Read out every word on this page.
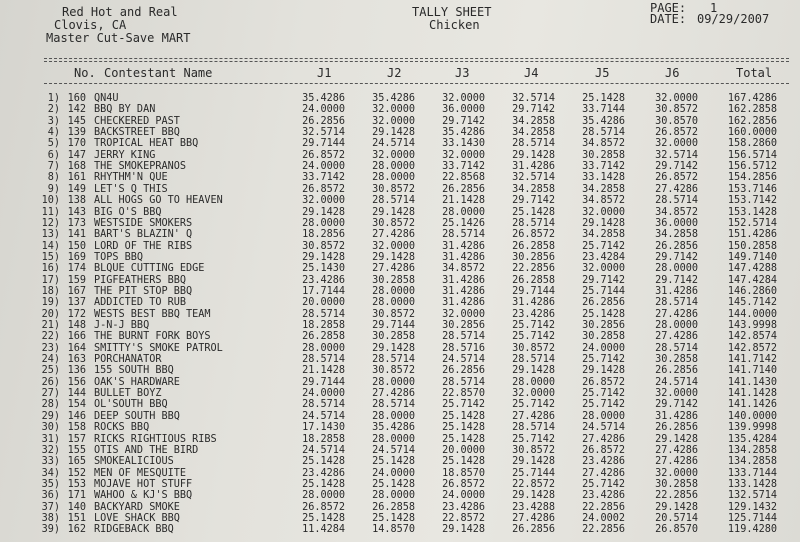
Red Hot and Real
Clovis, CA
Master Cut-Save MART
TALLY SHEET
Chicken
PAGE: 1
DATE: 09/29/2007
No. Contestant Name	J1	J2	J3	J4	J5	J6	Total
1) 160 QN4U	35.4286	35.4286	32.0000	32.5714	25.1428	32.0000	167.4286
2) 142 BBQ BY DAN	24.0000	32.0000	36.0000	29.7142	33.7144	30.8572	162.2858
3) 145 CHECKERED PAST	26.2856	32.0000	29.7142	34.2858	35.4286	30.8570	162.2856
4) 139 BACKSTREET BBQ	32.5714	29.1428	35.4286	34.2858	28.5714	26.8572	160.0000
5) 170 TROPICAL HEAT BBQ	29.7144	24.5714	33.1430	28.5714	34.8572	32.0000	158.2860
6) 147 JERRY KING	26.8572	32.0000	32.0000	29.1428	30.2858	32.5714	156.5714
7) 168 THE SMOKEPRANOS	24.0000	28.0000	33.7142	31.4286	33.7142	29.7142	156.5712
8) 161 RHYTHM'N QUE	33.7142	28.0000	22.8568	32.5714	33.1428	26.8572	154.2856
9) 149 LET'S Q THIS	26.8572	30.8572	26.2856	34.2858	34.2858	27.4286	153.7146
10) 138 ALL HOGS GO TO HEAVEN	32.0000	28.5714	21.1428	29.7142	34.8572	28.5714	153.7142
11) 143 BIG O'S BBQ	29.1428	29.1428	28.0000	25.1428	32.0000	34.8572	153.1428
12) 173 WESTSIDE SMOKERS	28.0000	30.8572	25.1426	28.5714	29.1428	36.0000	152.5714
13) 141 BART'S BLAZIN' Q	18.2856	27.4286	28.5714	26.8572	34.2858	34.2858	151.4286
14) 150 LORD OF THE RIBS	30.8572	32.0000	31.4286	26.2858	25.7142	26.2856	150.2858
15) 169 TOPS BBQ	29.1428	29.1428	31.4286	30.2856	23.4284	29.7142	149.7140
16) 174 BLQUE CUTTING EDGE	25.1430	27.4286	34.8572	22.2856	32.0000	28.0000	147.4288
17) 159 PIGFEATHERS BBQ	23.4286	30.2858	31.4286	26.2858	29.7142	29.7142	147.4284
18) 167 THE PIT STOP BBQ	17.7144	28.0000	31.4286	29.7144	25.7144	31.4286	146.2860
19) 137 ADDICTED TO RUB	20.0000	28.0000	31.4286	31.4286	26.2856	28.5714	145.7142
20) 172 WESTS BEST BBQ TEAM	28.5714	30.8572	32.0000	23.4286	25.1428	27.4286	144.0000
21) 148 J-N-J BBQ	18.2858	29.7144	30.2856	25.7142	30.2856	28.0000	143.9998
22) 166 THE BURNT FORK BOYS	26.2858	30.2858	28.5714	25.7142	30.2858	27.4286	142.8574
23) 164 SMITTY'S SMOKE PATROL	28.0000	29.1428	28.5716	30.8572	24.0000	28.5714	142.8572
24) 163 PORCHANATOR	28.5714	28.5714	24.5714	28.5714	25.7142	30.2858	141.7142
25) 136 155 SOUTH BBQ	21.1428	30.8572	26.2856	29.1428	29.1428	26.2856	141.7140
26) 156 OAK'S HARDWARE	29.7144	28.0000	28.5714	28.0000	26.8572	24.5714	141.1430
27) 144 BULLET BOYZ	24.0000	27.4286	22.8570	32.0000	25.7142	32.0000	141.1428
28) 154 OL'SOUTH BBQ	28.5714	28.5714	25.7142	25.7142	25.7142	29.7142	141.1426
29) 146 DEEP SOUTH BBQ	24.5714	28.0000	25.1428	27.4286	28.0000	31.4286	140.0000
30) 158 ROCKS BBQ	17.1430	35.4286	25.1428	28.5714	24.5714	26.2856	139.9998
31) 157 RICKS RIGHTIOUS RIBS	18.2858	28.0000	25.1428	25.7142	27.4286	29.1428	135.4284
32) 155 OTIS AND THE BIRD	24.5714	24.5714	20.0000	30.8572	26.8572	27.4286	134.2858
33) 165 SMOKEALICIOUS	25.1428	25.1428	25.1428	29.1428	23.4286	27.4286	134.2858
34) 152 MEN OF MESQUITE	23.4286	24.0000	18.8570	25.7144	27.4286	32.0000	133.7144
35) 153 MOJAVE HOT STUFF	25.1428	25.1428	26.8572	22.8572	25.7142	30.2858	133.1428
36) 171 WAHOO & KJ'S BBQ	28.0000	28.0000	24.0000	29.1428	23.4286	22.2856	132.5714
37) 140 BACKYARD SMOKE	26.8572	26.2858	23.4286	23.4288	22.2856	29.1428	129.1432
38) 151 LOVE SHACK BBQ	25.1428	25.1428	22.8572	27.4286	24.0002	20.5714	125.7144
39) 162 RIDGEBACK BBQ	11.4284	14.8570	29.1428	26.2856	22.2856	26.8570	119.4280
